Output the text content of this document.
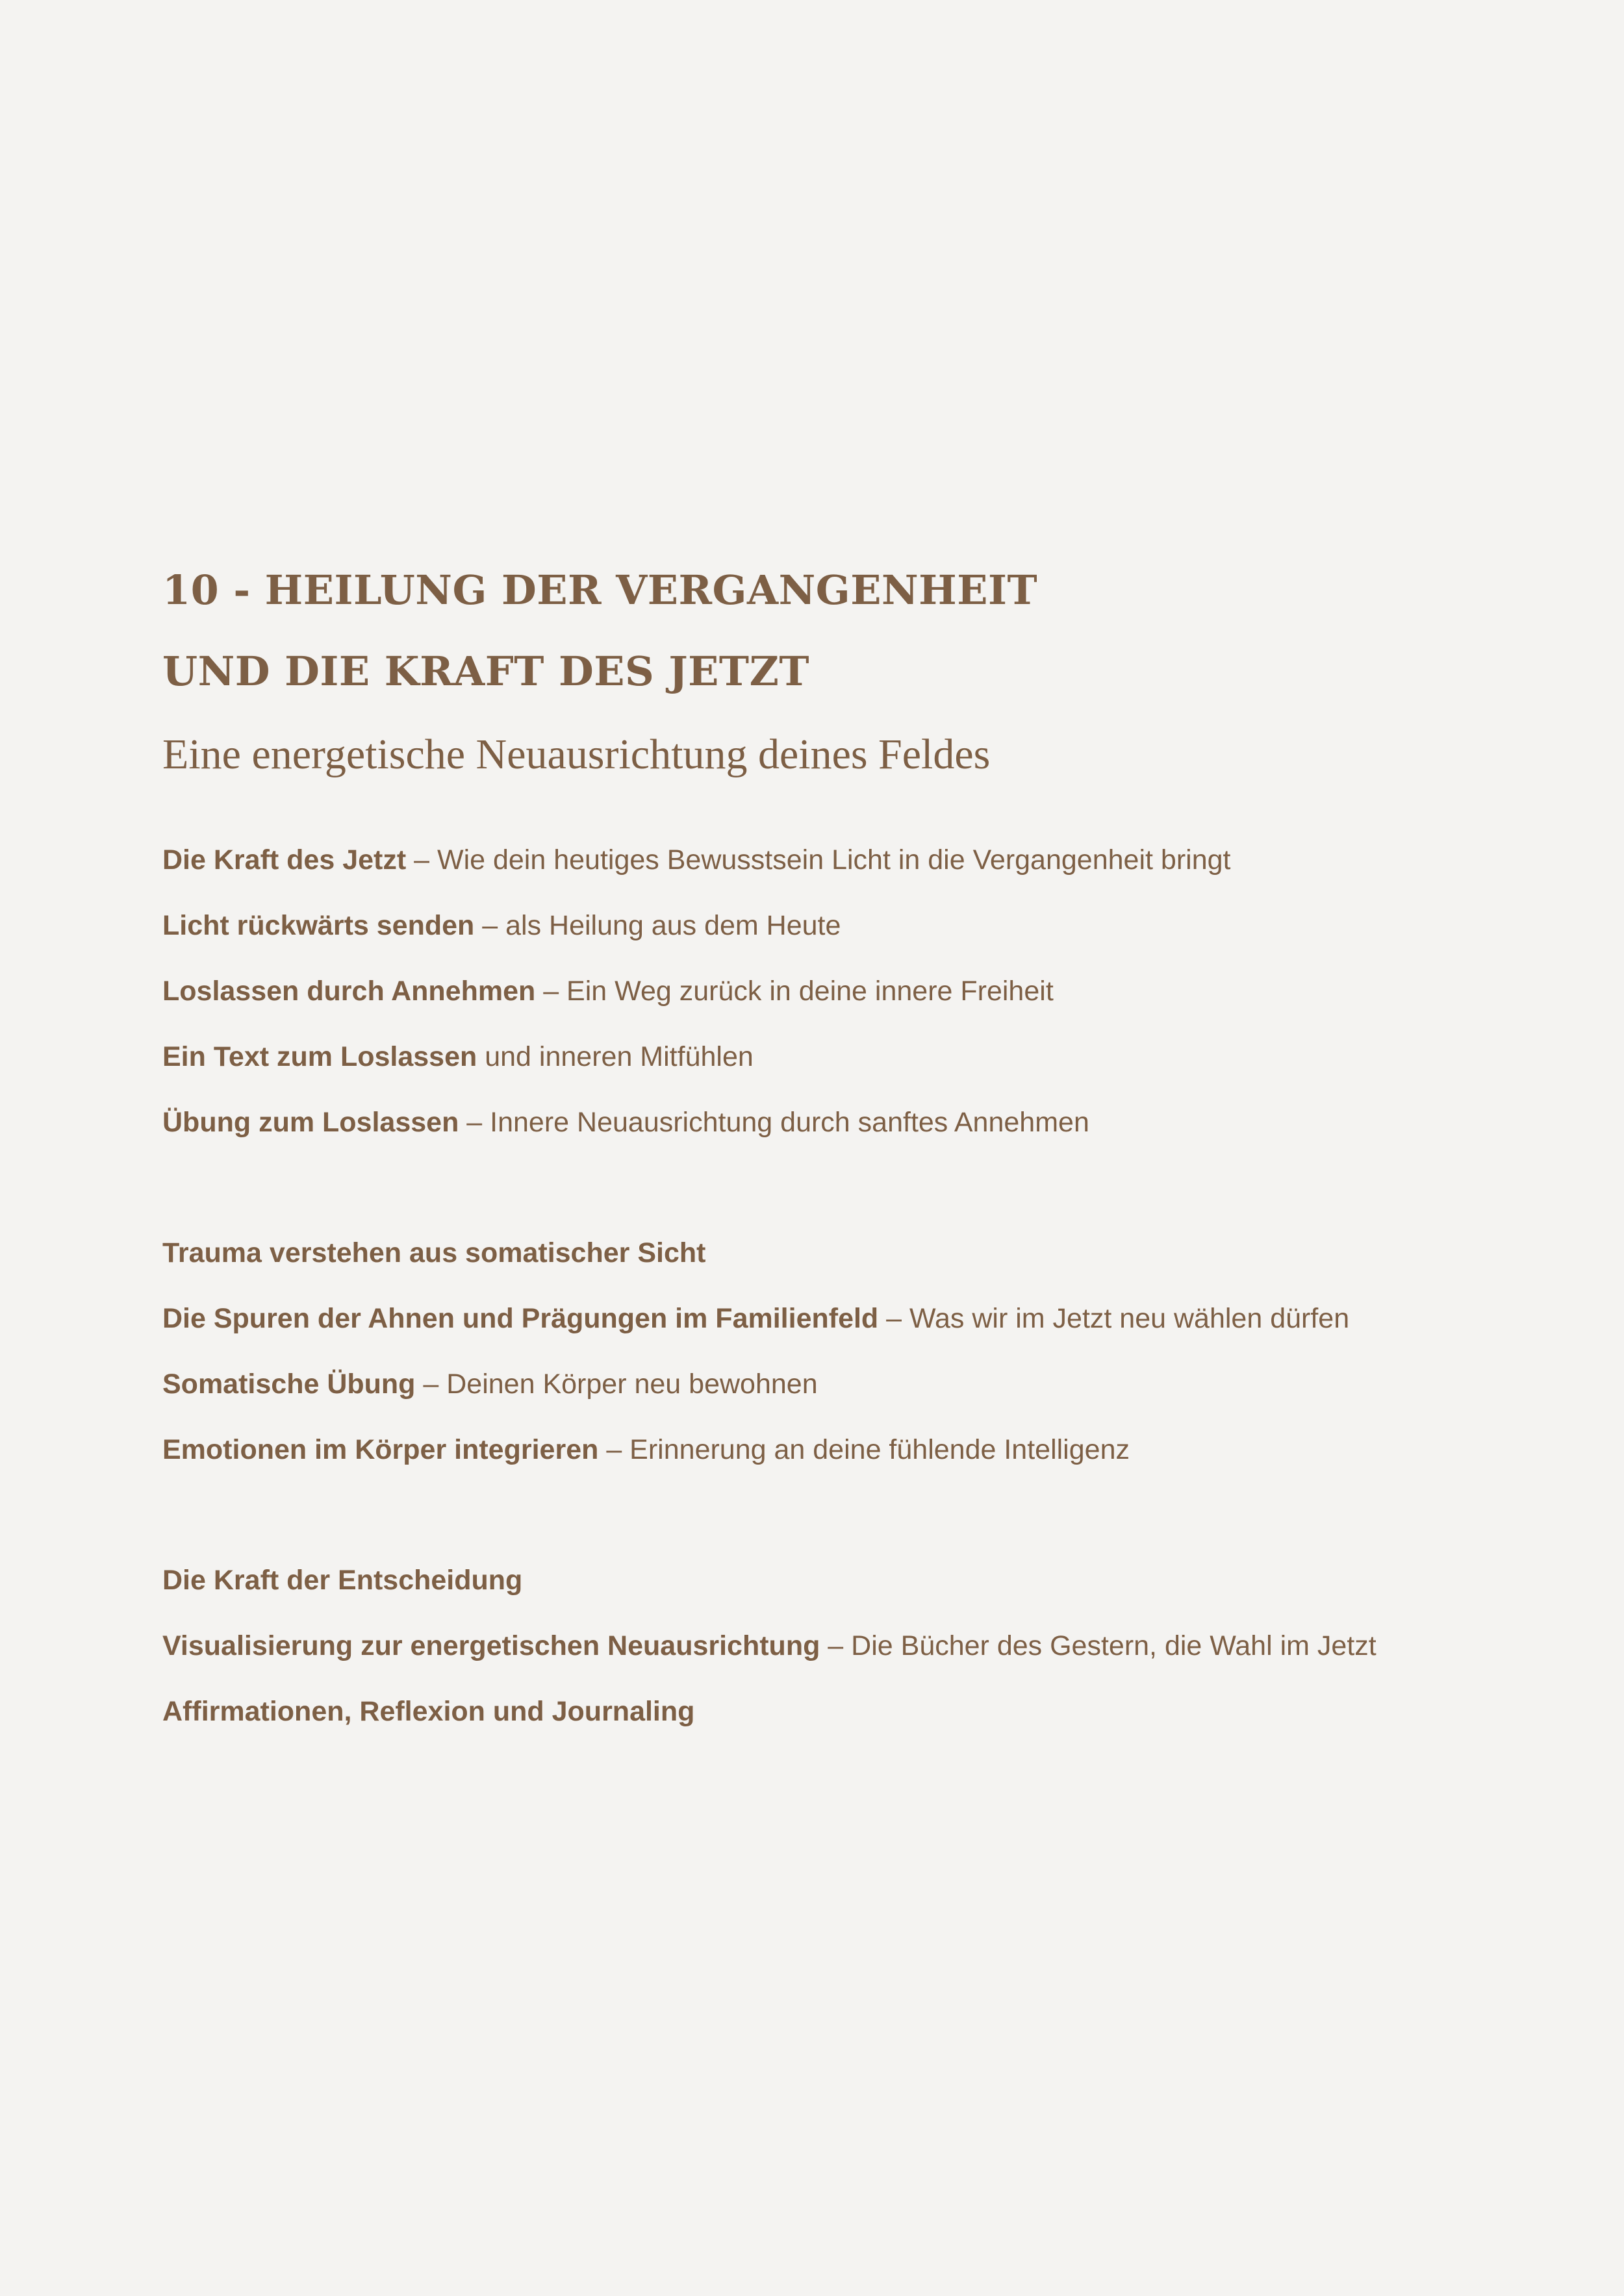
10 - HEILUNG DER VERGANGENHEIT
UND DIE KRAFT DES JETZT
Eine energetische Neuausrichtung deines Feldes
Die Kraft des Jetzt – Wie dein heutiges Bewusstsein Licht in die Vergangenheit bringt
Licht rückwärts senden – als Heilung aus dem Heute
Loslassen durch Annehmen – Ein Weg zurück in deine innere Freiheit
Ein Text zum Loslassen und inneren Mitfühlen
Übung zum Loslassen – Innere Neuausrichtung durch sanftes Annehmen
Trauma verstehen aus somatischer Sicht
Die Spuren der Ahnen und Prägungen im Familienfeld – Was wir im Jetzt neu wählen dürfen
Somatische Übung – Deinen Körper neu bewohnen
Emotionen im Körper integrieren – Erinnerung an deine fühlende Intelligenz
Die Kraft der Entscheidung
Visualisierung zur energetischen Neuausrichtung – Die Bücher des Gestern, die Wahl im Jetzt
Affirmationen, Reflexion und Journaling
